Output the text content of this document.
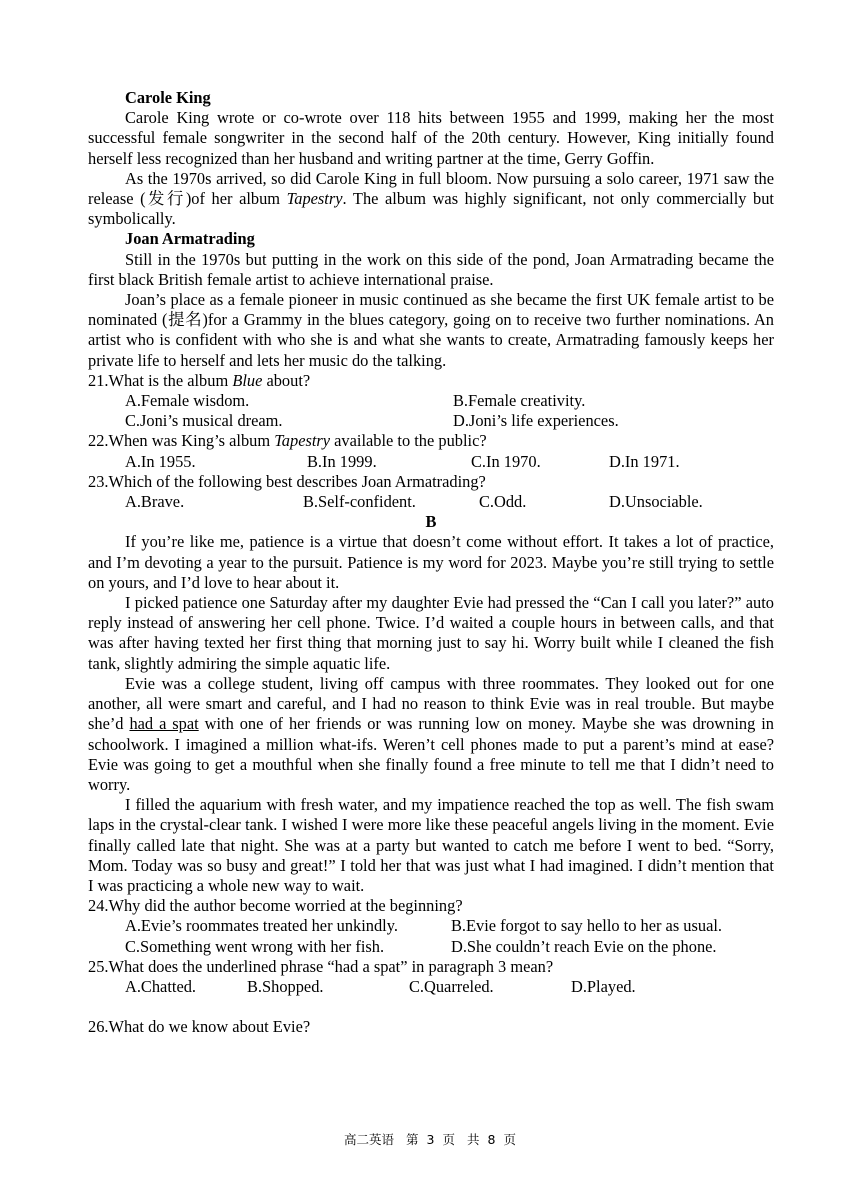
Carole King
Carole King wrote or co-wrote over 118 hits between 1955 and 1999, making her the most successful female songwriter in the second half of the 20th century. However, King initially found herself less recognized than her husband and writing partner at the time, Gerry Goffin.
As the 1970s arrived, so did Carole King in full bloom. Now pursuing a solo career, 1971 saw the release (发行)of her album Tapestry. The album was highly significant, not only commercially but symbolically.
Joan Armatrading
Still in the 1970s but putting in the work on this side of the pond, Joan Armatrading became the first black British female artist to achieve international praise.
Joan’s place as a female pioneer in music continued as she became the first UK female artist to be nominated (提名)for a Grammy in the blues category, going on to receive two further nominations. An artist who is confident with who she is and what she wants to create, Armatrading famously keeps her private life to herself and lets her music do the talking.
21.What is the album Blue about?
A.Female wisdom.	B.Female creativity.
C.Joni’s musical dream.	D.Joni’s life experiences.
22.When was King’s album Tapestry available to the public?
A.In 1955.	B.In 1999.	C.In 1970.	D.In 1971.
23.Which of the following best describes Joan Armatrading?
A.Brave.	B.Self-confident.	C.Odd.	D.Unsociable.
B
If you’re like me, patience is a virtue that doesn’t come without effort. It takes a lot of practice, and I’m devoting a year to the pursuit. Patience is my word for 2023. Maybe you’re still trying to settle on yours, and I’d love to hear about it.
I picked patience one Saturday after my daughter Evie had pressed the “Can I call you later?” auto reply instead of answering her cell phone. Twice. I’d waited a couple hours in between calls, and that was after having texted her first thing that morning just to say hi. Worry built while I cleaned the fish tank, slightly admiring the simple aquatic life.
Evie was a college student, living off campus with three roommates. They looked out for one another, all were smart and careful, and I had no reason to think Evie was in real trouble. But maybe she’d had a spat with one of her friends or was running low on money. Maybe she was drowning in schoolwork. I imagined a million what-ifs. Weren’t cell phones made to put a parent’s mind at ease? Evie was going to get a mouthful when she finally found a free minute to tell me that I didn’t need to worry.
I filled the aquarium with fresh water, and my impatience reached the top as well. The fish swam laps in the crystal-clear tank. I wished I were more like these peaceful angels living in the moment. Evie finally called late that night. She was at a party but wanted to catch me before I went to bed. “Sorry, Mom. Today was so busy and great!” I told her that was just what I had imagined. I didn’t mention that I was practicing a whole new way to wait.
24.Why did the author become worried at the beginning?
A.Evie’s roommates treated her unkindly.	B.Evie forgot to say hello to her as usual.
C.Something went wrong with her fish.	D.She couldn’t reach Evie on the phone.
25.What does the underlined phrase “had a spat” in paragraph 3 mean?
A.Chatted.	B.Shopped.	C.Quarreled.	D.Played.
26.What do we know about Evie?
高二英语 第 3 页 共 8 页
